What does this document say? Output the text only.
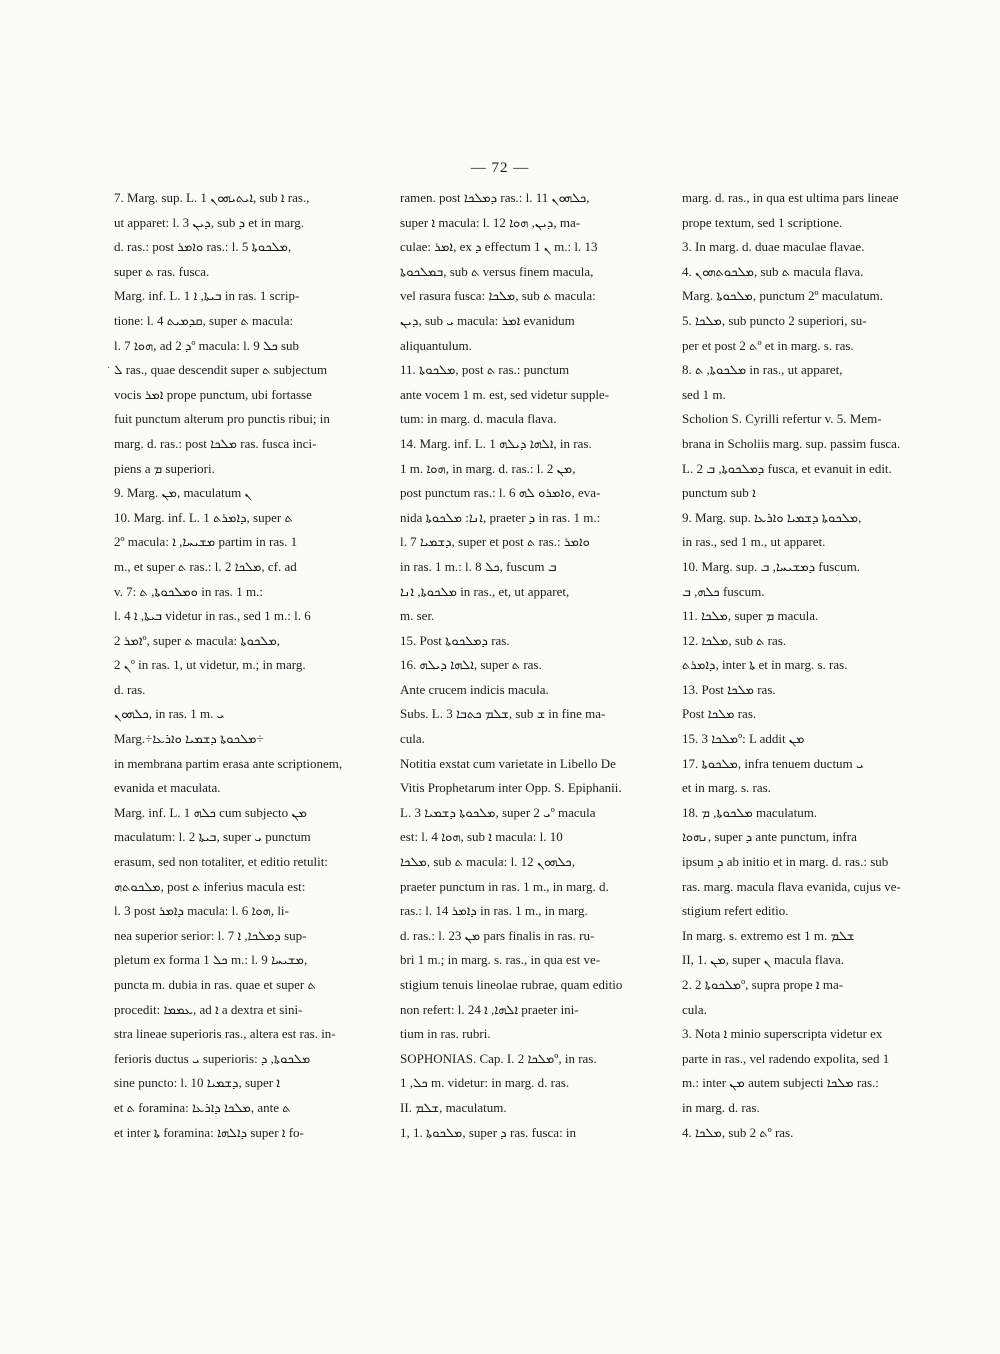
— 72 —
·

7. Marg. sup. L. 1 ܐܝܬܝܗܘܢ, sub ܐ ras.,

ut apparet: l. 3 ܕܝܢ, sub ܕ et in marg.

d. ras.: post ܘܐܡܪ ras.: l. 5 ܡܠܟܘܬܐ,

super ܬ ras. fusca.

Marg. inf. L. 1 ܒܝܬܐ, ܐ in ras. 1 scrip-

tione: l. 4 ܩܕܡܝܬ, super ܬ macula:

l. 7 ܗܘܐ, ad ܕ 2º macula: l. 9 ܟܠ sub

ܠ ras., quae descendit super ܬ subjectum

vocis ܐܡܪ prope punctum, ubi fortasse

fuit punctum alterum pro punctis ribui; in

marg. d. ras.: post ܡܠܟܐ ras. fusca inci-

piens a ܡ superiori.

9. Marg. ܡܢ, maculatum ܢ

10. Marg. inf. L. 1 ܕܐܡܪܬ, super ܬ

2º macula: ܡܫܝܚܐ, ܐ partim in ras. 1

m., et super ܬ ras.: l. 2 ܡܠܟܐ, cf. ad

v. 7: ܘܡܠܟܘܬܐ, ܬ in ras. 1 m.:

l. 4 ܒܝܬܐ, ܐ videtur in ras., sed 1 m.: l. 6

ܐܡܪ 2º, super ܬ macula: ܡܠܟܘܬܐ,

ܢ 2º in ras. 1, ut videtur, m.; in marg.

d. ras.

ܟܠܗܘܢ, in ras. 1 m. ܝ

Marg.÷ܡܠܟܘܬܐ ܕܫܡܝܐ ܘܐܪܥܐ÷

in membrana partim erasa ante scriptionem,

evanida et maculata.

Marg. inf. L. 1 ܟܠܗ cum subjecto ܡܢ

maculatum: l. 2 ܒܝܬܐ, super ܝ punctum

erasum, sed non totaliter, et editio retulit:

ܡܠܟܘܬܗ, post ܬ inferius macula est:

l. 3 post ܕܐܡܪ macula: l. 6 ܗܘܐ, li-

nea superior serior: l. 7 ܕܡܠܟܐ, ܐ sup-

pletum ex forma ܟܠ 1 m.: l. 9 ܡܫܝܚܐ,

puncta m. dubia in ras. quae et super ܬ

procedit: ܥܡܡܐ, ad ܐ a dextra et sini-

stra lineae superioris ras., altera est ras. in-

ferioris ductus ܝ superioris: ܡܠܟܘܬܐ, ܕ

sine puncto: l. 10 ܕܫܡܝܐ, super ܐ

et ܬ foramina: ܡܠܟܐ ܕܐܪܥܐ, ante ܬ

et inter ܬܐ foramina: ܕܐܠܗܐ super ܐ fo-

ramen. post ܕܡܠܟܐ ras.: l. 11 ܟܠܗܘܢ,

super ܐ macula: l. 12 ܕܝܢ, ܗܘܐ, ma-

culae: ܐܡܪ, ex ܕ effectum ܢ 1 m.: l. 13

ܒܡܠܟܘܬܐ, sub ܬ versus finem macula,

vel rasura fusca: ܡܠܟܐ, sub ܬ macula:

ܕܝܢ, sub ܝ macula: ܐܡܪ evanidum

aliquantulum.

11. ܡܠܟܘܬܐ, post ܬ ras.: punctum

ante vocem 1 m. est, sed videtur supple-

tum: in marg. d. macula flava.

14. Marg. inf. L. 1 ܐܠܗܐ ܕܝܠܗ, in ras.

1 m. ܗܘܐ, in marg. d. ras.: l. 2 ܡܢ,

post punctum ras.: l. 6 ܘܐܡܪܘ ܠܗ, eva-

nida ܐܢܐ: ܡܠܟܘܬܐ, praeter ܕ in ras. 1 m.:

l. 7 ܕܫܡܝܐ, super et post ܬ ras.: ܘܐܡܪ

in ras. 1 m.: l. 8 ܟܠ, fuscum ܒ

ܡܠܟܘܬܐ, ܐܢܐ in ras., et, ut apparet,

m. ser.

15. Post ܕܡܠܟܘܬܐ ras.

16. ܐܠܗܐ ܕܝܠܗ, super ܬ ras.

Ante crucem indicis macula.

Subs. L. 3 ܫܠܡ ܟܬܒܐ, sub ܫ in fine ma-

cula.

Notitia exstat cum varietate in Libello De

Vitis Prophetarum inter Opp. S. Epiphanii.

L. 3 ܡܠܟܘܬܐ ܕܫܡܝܐ, super ܝ 2º macula

est: l. 4 ܗܘܐ, sub ܐ macula: l. 10

ܡܠܟܐ, sub ܬ macula: l. 12 ܟܠܗܘܢ,

praeter punctum in ras. 1 m., in marg. d.

ras.: l. 14 ܕܐܡܪ in ras. 1 m., in marg.

d. ras.: l. 23 ܡܢ pars finalis in ras. ru-

bri 1 m.; in marg. s. ras., in qua est ve-

stigium tenuis lineolae rubrae, quam editio

non refert: l. 24 ܐܠܗܐ, ܐ praeter ini-

tium in ras. rubri.

SOPHONIAS. Cap. I. ܡܠܟܐ 2º, in ras.

ܟܠ, 1 m. videtur: in marg. d. ras.

II. ܫܠܡ, maculatum.

1, 1. ܡܠܟܘܬܐ, super ܕ ras. fusca: in

marg. d. ras., in qua est ultima pars lineae

prope textum, sed 1 scriptione.

3. In marg. d. duae maculae flavae.

4. ܡܠܟܘܬܗܘܢ, sub ܬ macula flava.

Marg. ܡܠܟܘܬܐ, punctum 2º maculatum.

5. ܡܠܟܐ, sub puncto 2 superiori, su-

per et post ܬ 2º et in marg. s. ras.

8. ܡܠܟܘܬܐ, ܬ in ras., ut apparet,

sed 1 m.

Scholion S. Cyrilli refertur v. 5. Mem-

brana in Scholiis marg. sup. passim fusca.

L. 2 ܕܡܠܟܘܬܐ, ܒ fusca, et evanuit in edit.

punctum sub ܐ

9. Marg. sup. ܡܠܟܘܬܐ ܕܫܡܝܐ ܘܐܪܥܐ,

in ras., sed 1 m., ut apparet.

10. Marg. sup. ܕܡܫܝܚܐ, ܒ fuscum.

ܟܠܗ, ܒ fuscum.

11. ܡܠܟܐ, super ܡ macula.

12. ܡܠܟܐ, sub ܬ ras.

ܕܐܡܪܬ, inter ܬܐ et in marg. s. ras.

13. Post ܡܠܟܐ ras.

Post ܡܠܟܐ ras.

15. ܡܠܟܐ 3º: L addit ܡܢ

17. ܡܠܟܘܬܐ, infra tenuem ductum ܝ

et in marg. s. ras.

18. ܡܠܟܘܬܐ, ܡ maculatum.

ܢܗܘܐ, super ܕ ante punctum, infra

ipsum ܕ ab initio et in marg. d. ras.: sub

ras. marg. macula flava evanida, cujus ve-

stigium refert editio.

In marg. s. extremo est 1 m. ܫܠܡ

II, 1. ܡܢ, super ܢ macula flava.

2. ܡܠܟܘܬܐ 2º, supra prope ܐ ma-

cula.

3. Nota ܐ minio superscripta videtur ex

parte in ras., vel radendo expolita, sed 1

m.: inter ܡܢ autem subjecti ܡܠܟܐ ras.:

in marg. d. ras.

4. ܡܠܟܐ, sub ܬ 2º ras.
